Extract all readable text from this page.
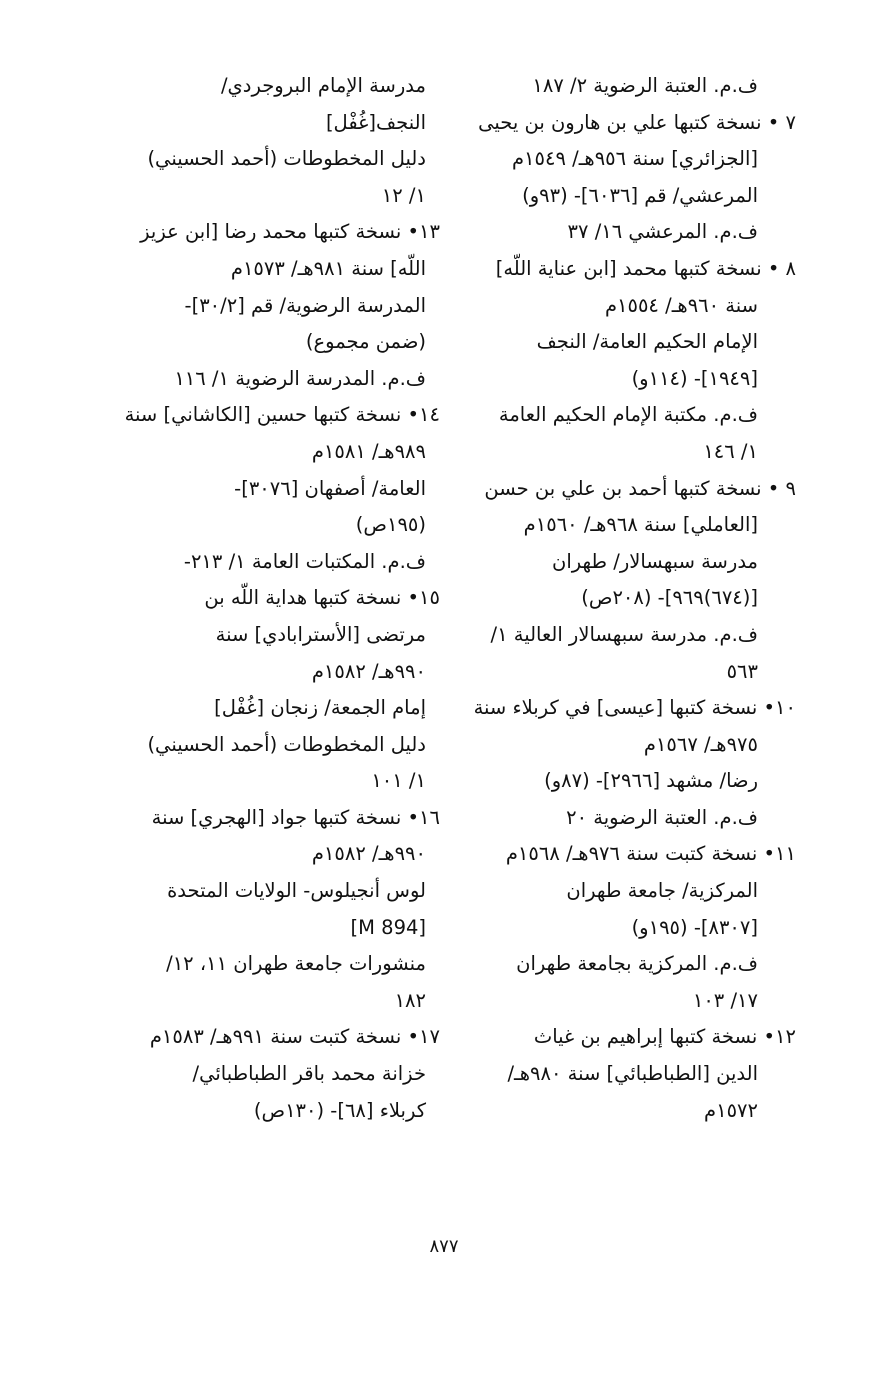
ف.م. العتبة الرضوية ٢/ ١٨٧
٧ • نسخة كتبها علي بن هارون بن يحيى
[الجزائري] سنة ٩٥٦هـ/ ١٥٤٩م
المرعشي/ قم [٦٠٣٦]- (٩٣و)
ف.م. المرعشي ١٦/ ٣٧
٨ • نسخة كتبها محمد [ابن عناية اللّه]
سنة ٩٦٠هـ/ ١٥٥٤م
الإمام الحكيم العامة/ النجف
[١٩٤٩]- (١١٤و)
ف.م. مكتبة الإمام الحكيم العامة
١/ ١٤٦
٩ • نسخة كتبها أحمد بن علي بن حسن
[العاملي] سنة ٩٦٨هـ/ ١٥٦٠م
مدرسة سبهسالار/ طهران
[(٦٧٤)٩٦٩]- (٢٠٨ص)
ف.م. مدرسة سبهسالار العالية ١/
٥٦٣
١٠• نسخة كتبها [عيسى] في كربلاء سنة
٩٧٥هـ/ ١٥٦٧م
رضا/ مشهد [٢٩٦٦]- (٨٧و)
ف.م. العتبة الرضوية ٢٠
١١• نسخة كتبت سنة ٩٧٦هـ/ ١٥٦٨م
المركزية/ جامعة طهران
[٨٣٠٧]- (١٩٥و)
ف.م. المركزية بجامعة طهران
١٧/ ١٠٣
١٢• نسخة كتبها إبراهيم بن غياث
الدين [الطباطبائي] سنة ٩٨٠هـ/
١٥٧٢م
مدرسة الإمام البروجردي/
النجف[غُفْل]
دليل المخطوطات (أحمد الحسيني)
١/ ١٢
١٣• نسخة كتبها محمد رضا [ابن عزيز
اللّه] سنة ٩٨١هـ/ ١٥٧٣م
المدرسة الرضوية/ قم [٣٠/٢]-
(ضمن مجموع)
ف.م. المدرسة الرضوية ١/ ١١٦
١٤• نسخة كتبها حسين [الكاشاني] سنة
٩٨٩هـ/ ١٥٨١م
العامة/ أصفهان [٣٠٧٦]-
(١٩٥ص)
ف.م. المكتبات العامة ١/ ٢١٣-
١٥• نسخة كتبها هداية اللّه بن
مرتضى [الأسترابادي] سنة
٩٩٠هـ/ ١٥٨٢م
إمام الجمعة/ زنجان [غُفْل]
دليل المخطوطات (أحمد الحسيني)
١/ ١٠١
١٦• نسخة كتبها جواد [الهجري] سنة
٩٩٠هـ/ ١٥٨٢م
لوس أنجيلوس- الولايات المتحدة
[M 894]
منشورات جامعة طهران ١١، ١٢/
١٨٢
١٧• نسخة كتبت سنة ٩٩١هـ/ ١٥٨٣م
خزانة محمد باقر الطباطبائي/
كربلاء [٦٨]- (١٣٠ص)
٨٧٧
